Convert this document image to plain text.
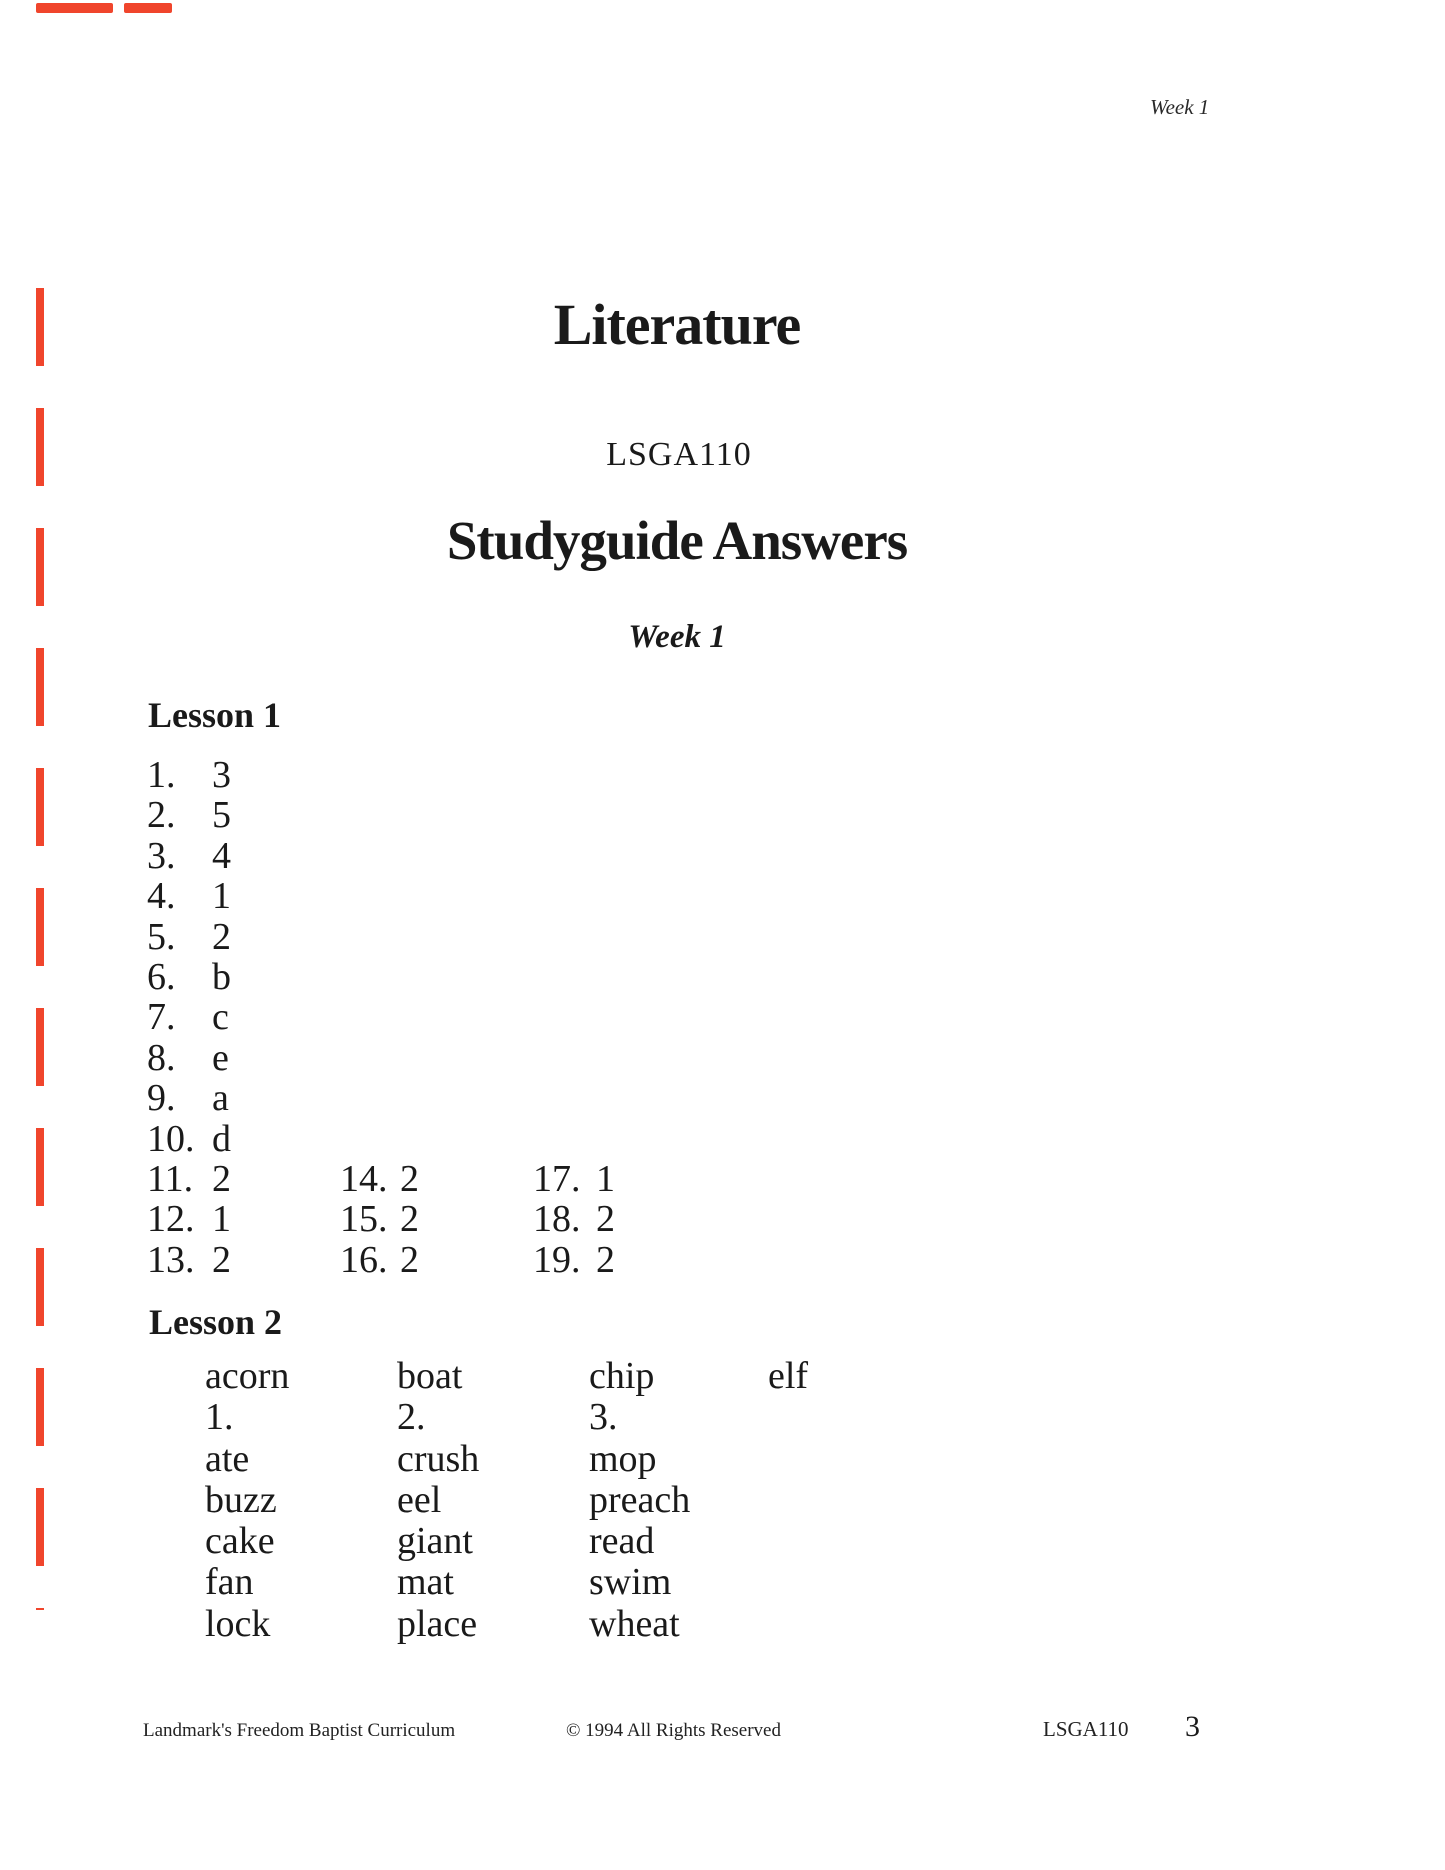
Week 1
Literature
LSGA110
Studyguide Answers
Week 1
Lesson 1
1. 3
2. 5
3. 4
4. 1
5. 2
6. b
7. c
8. e
9. a
10. d
11. 2
12. 1
13. 2
14. 2
15. 2
16. 2
17. 1
18. 2
19. 2
Lesson 2
acorn
1.
ate
buzz
cake
fan
lock
boat
2.
crush
eel
giant
mat
place
chip
3.
mop
preach
read
swim
wheat
elf
Landmark's Freedom Baptist Curriculum	© 1994 All Rights Reserved	LSGA110 3
